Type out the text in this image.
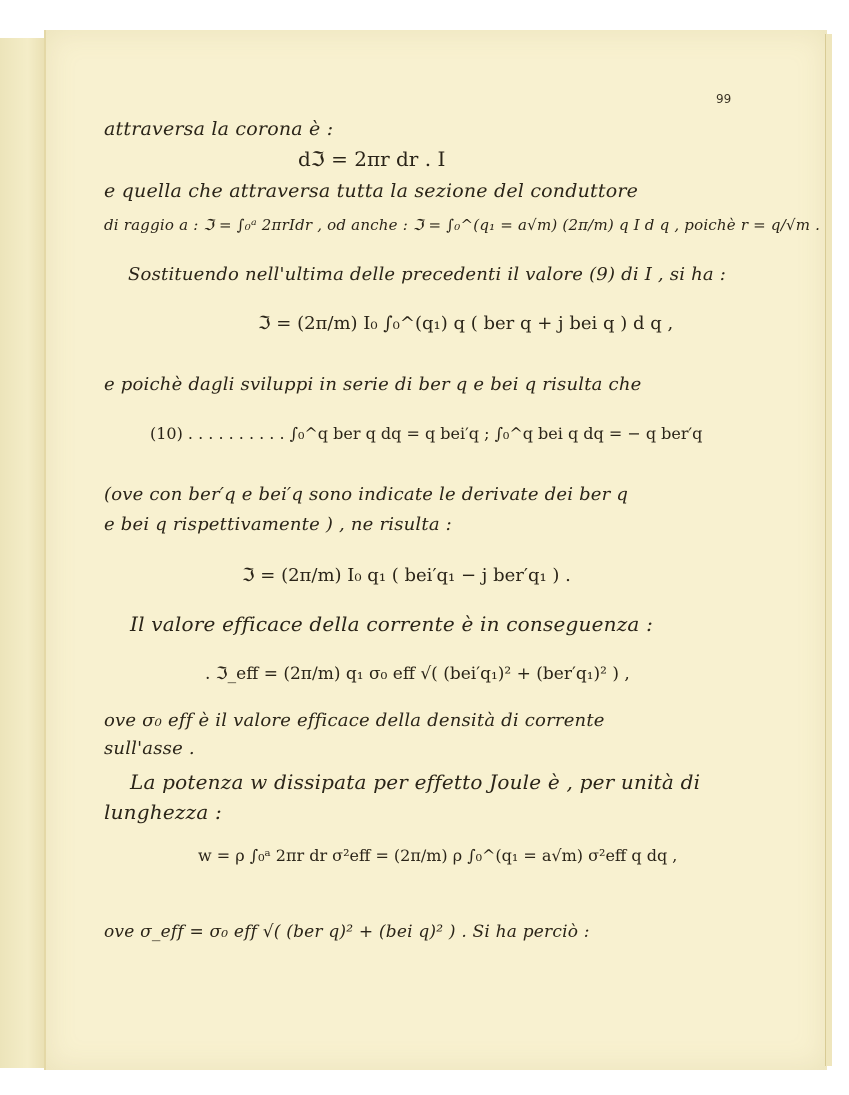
99
attraversa la corona è :
dℑ = 2πr dr . I
e quella che attraversa tutta la sezione del conduttore
di raggio a : ℑ = ∫₀ᵃ 2πrIdr , od anche : ℑ = ∫₀^(q₁ = a√m) (2π/m) q I d q , poichè r = q/√m .
Sostituendo nell'ultima delle precedenti il valore (9) di I , si ha :
ℑ = (2π/m) I₀ ∫₀^(q₁) q ( ber q + j bei q ) d q ,
e poichè dagli sviluppi in serie di ber q e bei q risulta che
(10) . . . . . . . . . . ∫₀^q ber q dq = q bei′q ; ∫₀^q bei q dq = − q ber′q
(ove con ber′q e bei′q sono indicate le derivate dei ber q
e bei q rispettivamente ) , ne risulta :
ℑ = (2π/m) I₀ q₁ ( bei′q₁ − j ber′q₁ ) .
Il valore efficace della corrente è in conseguenza :
. ℑ_eff = (2π/m) q₁ σ₀ eff √( (bei′q₁)² + (ber′q₁)² ) ,
ove σ₀ eff è il valore efficace della densità di corrente
sull'asse .
La potenza w dissipata per effetto Joule è , per unità di
lunghezza :
w = ρ ∫₀ᵃ 2πr dr σ²eff = (2π/m) ρ ∫₀^(q₁ = a√m) σ²eff q dq ,
ove σ_eff = σ₀ eff √( (ber q)² + (bei q)² ) . Si ha perciò :
